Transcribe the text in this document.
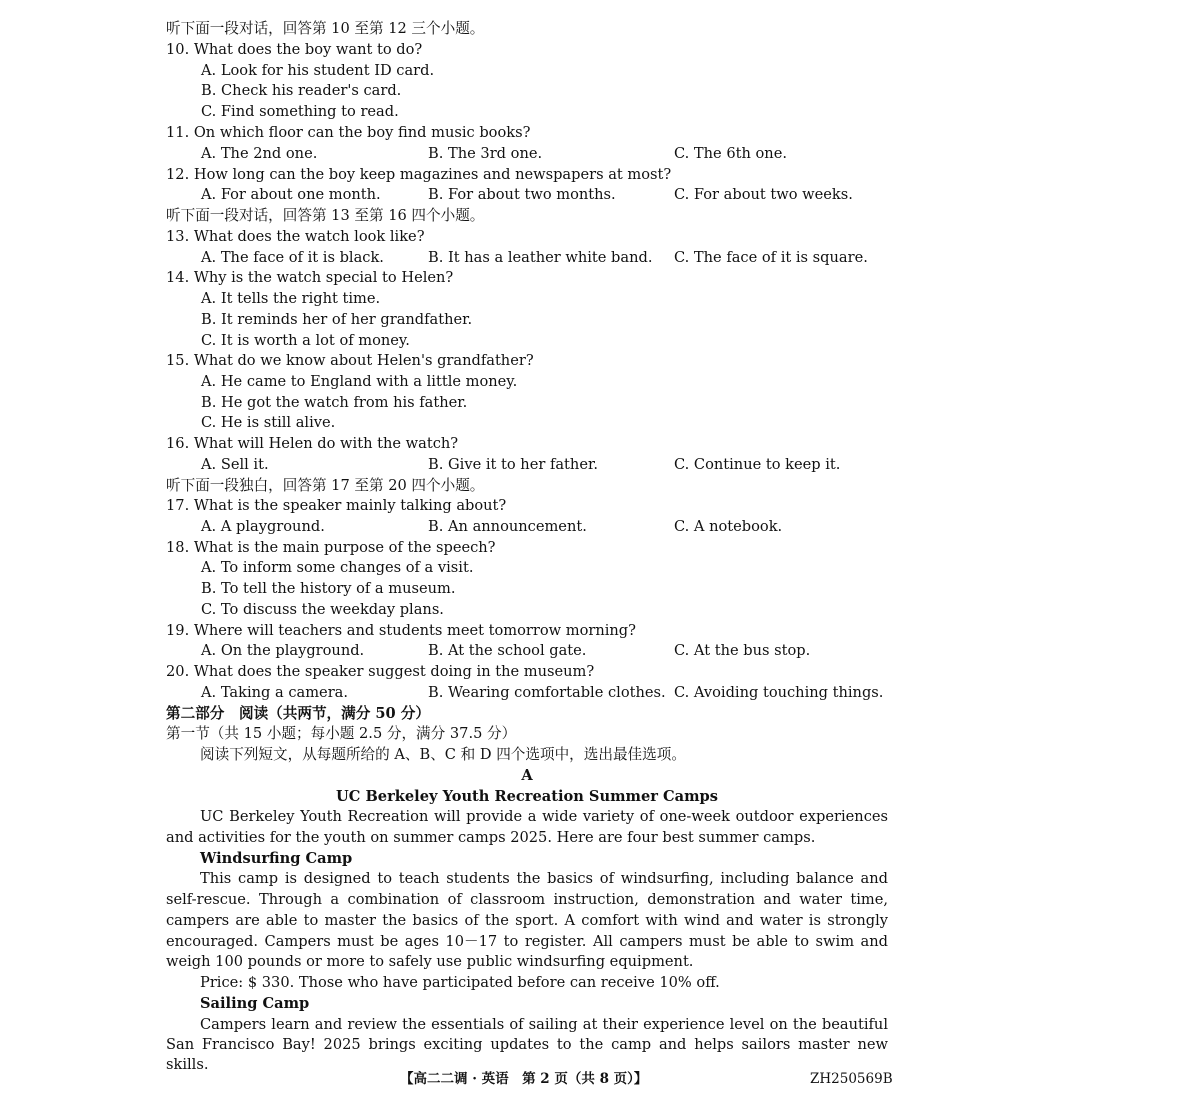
听下面一段对话，回答第 10 至第 12 三个小题。
10. What does the boy want to do?
A. Look for his student ID card.
B. Check his reader's card.
C. Find something to read.
11. On which floor can the boy find music books?
A. The 2nd one.	B. The 3rd one.	C. The 6th one.
12. How long can the boy keep magazines and newspapers at most?
A. For about one month.	B. For about two months.	C. For about two weeks.
听下面一段对话，回答第 13 至第 16 四个小题。
13. What does the watch look like?
A. The face of it is black.	B. It has a leather white band. C. The face of it is square.
14. Why is the watch special to Helen?
A. It tells the right time.
B. It reminds her of her grandfather.
C. It is worth a lot of money.
15. What do we know about Helen's grandfather?
A. He came to England with a little money.
B. He got the watch from his father.
C. He is still alive.
16. What will Helen do with the watch?
A. Sell it.	B. Give it to her father.	C. Continue to keep it.
听下面一段独白，回答第 17 至第 20 四个小题。
17. What is the speaker mainly talking about?
A. A playground.	B. An announcement.	C. A notebook.
18. What is the main purpose of the speech?
A. To inform some changes of a visit.
B. To tell the history of a museum.
C. To discuss the weekday plans.
19. Where will teachers and students meet tomorrow morning?
A. On the playground.	B. At the school gate.	C. At the bus stop.
20. What does the speaker suggest doing in the museum?
A. Taking a camera.	B. Wearing comfortable clothes. C. Avoiding touching things.
第二部分　阅读（共两节，满分 50 分）
第一节（共 15 小题；每小题 2.5 分，满分 37.5 分）
阅读下列短文，从每题所给的 A、B、C 和 D 四个选项中，选出最佳选项。
A
UC Berkeley Youth Recreation Summer Camps
UC Berkeley Youth Recreation will provide a wide variety of one-week outdoor experiences
and activities for the youth on summer camps 2025. Here are four best summer camps.
Windsurfing Camp
This camp is designed to teach students the basics of windsurfing, including balance and
self-rescue. Through a combination of classroom instruction, demonstration and water time,
campers are able to master the basics of the sport. A comfort with wind and water is strongly
encouraged. Campers must be ages 10－17 to register. All campers must be able to swim and
weigh 100 pounds or more to safely use public windsurfing equipment.
Price: $ 330. Those who have participated before can receive 10% off.
Sailing Camp
Campers learn and review the essentials of sailing at their experience level on the beautiful
San Francisco Bay! 2025 brings exciting updates to the camp and helps sailors master new skills.
【高二二调 · 英语　第 2 页（共 8 页）】	ZH250569B
